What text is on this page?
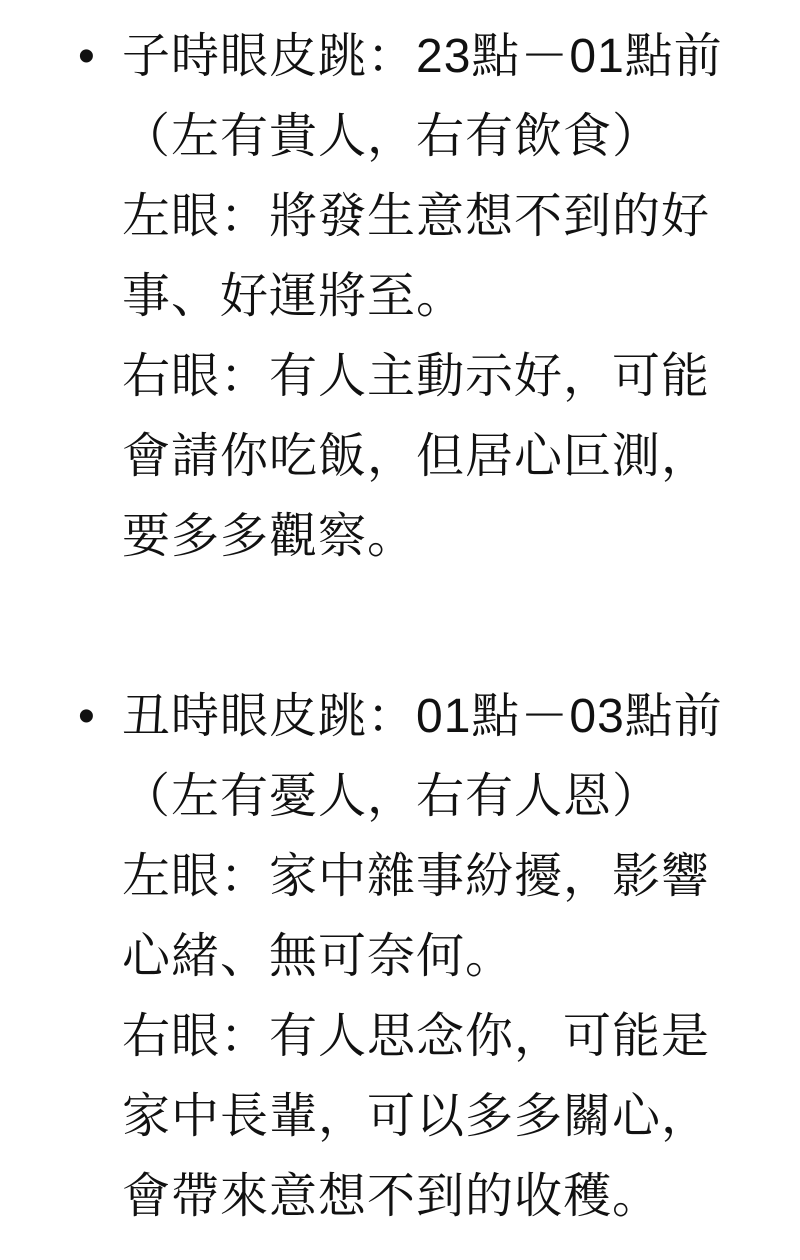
• 子時眼皮跳：23點－01點前
（左有貴人，右有飲食）
左眼：將發生意想不到的好
事、好運將至。
右眼：有人主動示好，可能
會請你吃飯，但居心叵測，
要多多觀察。
• 丑時眼皮跳：01點－03點前
（左有憂人，右有人恩）
左眼：家中雜事紛擾，影響
心緒、無可奈何。
右眼：有人思念你，可能是
家中長輩，可以多多關心，
會帶來意想不到的收穫。
